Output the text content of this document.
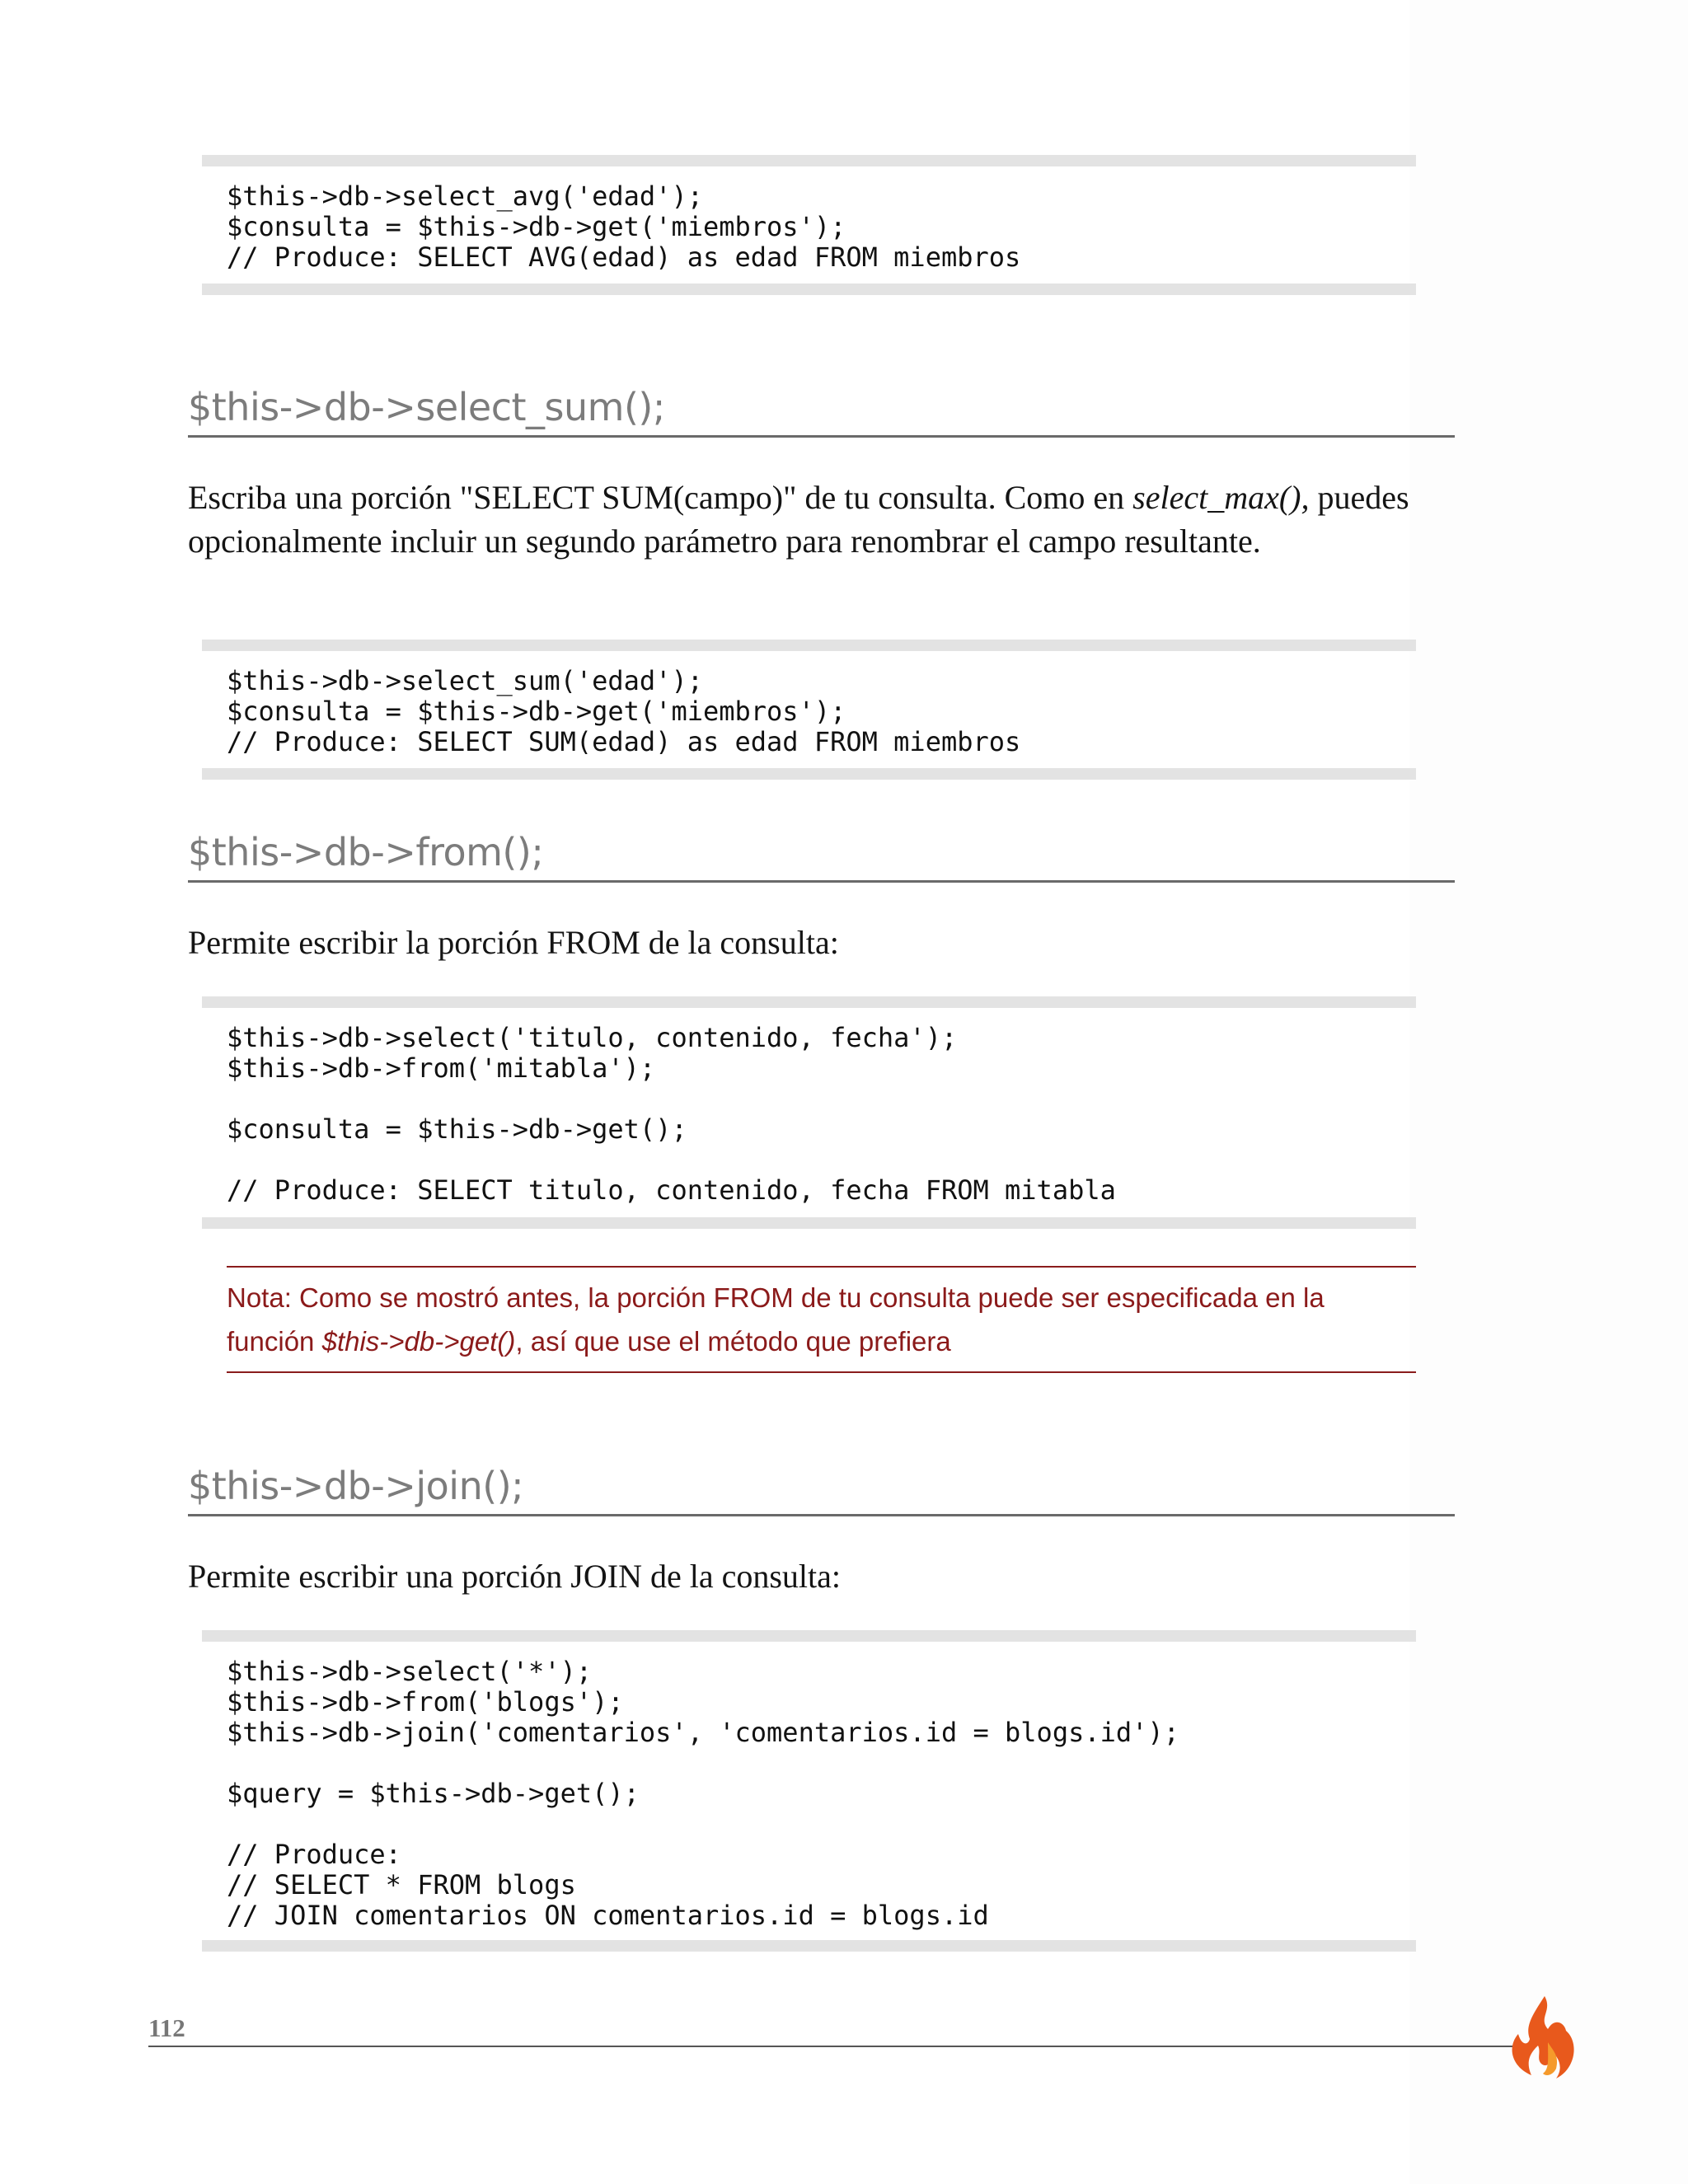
$this->db->select_avg('edad');
$consulta = $this->db->get('miembros');
// Produce: SELECT AVG(edad) as edad FROM miembros
$this->db->select_sum();

Escriba una porción "SELECT SUM(campo)" de tu consulta. Como en select_max(), puedes opcionalmente incluir un segundo parámetro para renombrar el campo resultante.

$this->db->select_sum('edad');
$consulta = $this->db->get('miembros');
// Produce: SELECT SUM(edad) as edad FROM miembros
$this->db->from();

Permite escribir la porción FROM de la consulta:

$this->db->select('titulo, contenido, fecha');
$this->db->from('mitabla');

$consulta = $this->db->get();

// Produce: SELECT titulo, contenido, fecha FROM mitabla
Nota: Como se mostró antes, la porción FROM de tu consulta puede ser especificada en la función $this->db->get(), así que use el método que prefiera
$this->db->join();

Permite escribir una porción JOIN de la consulta:

$this->db->select('*');
$this->db->from('blogs');
$this->db->join('comentarios', 'comentarios.id = blogs.id');

$query = $this->db->get();

// Produce:
// SELECT * FROM blogs
// JOIN comentarios ON comentarios.id = blogs.id
112
